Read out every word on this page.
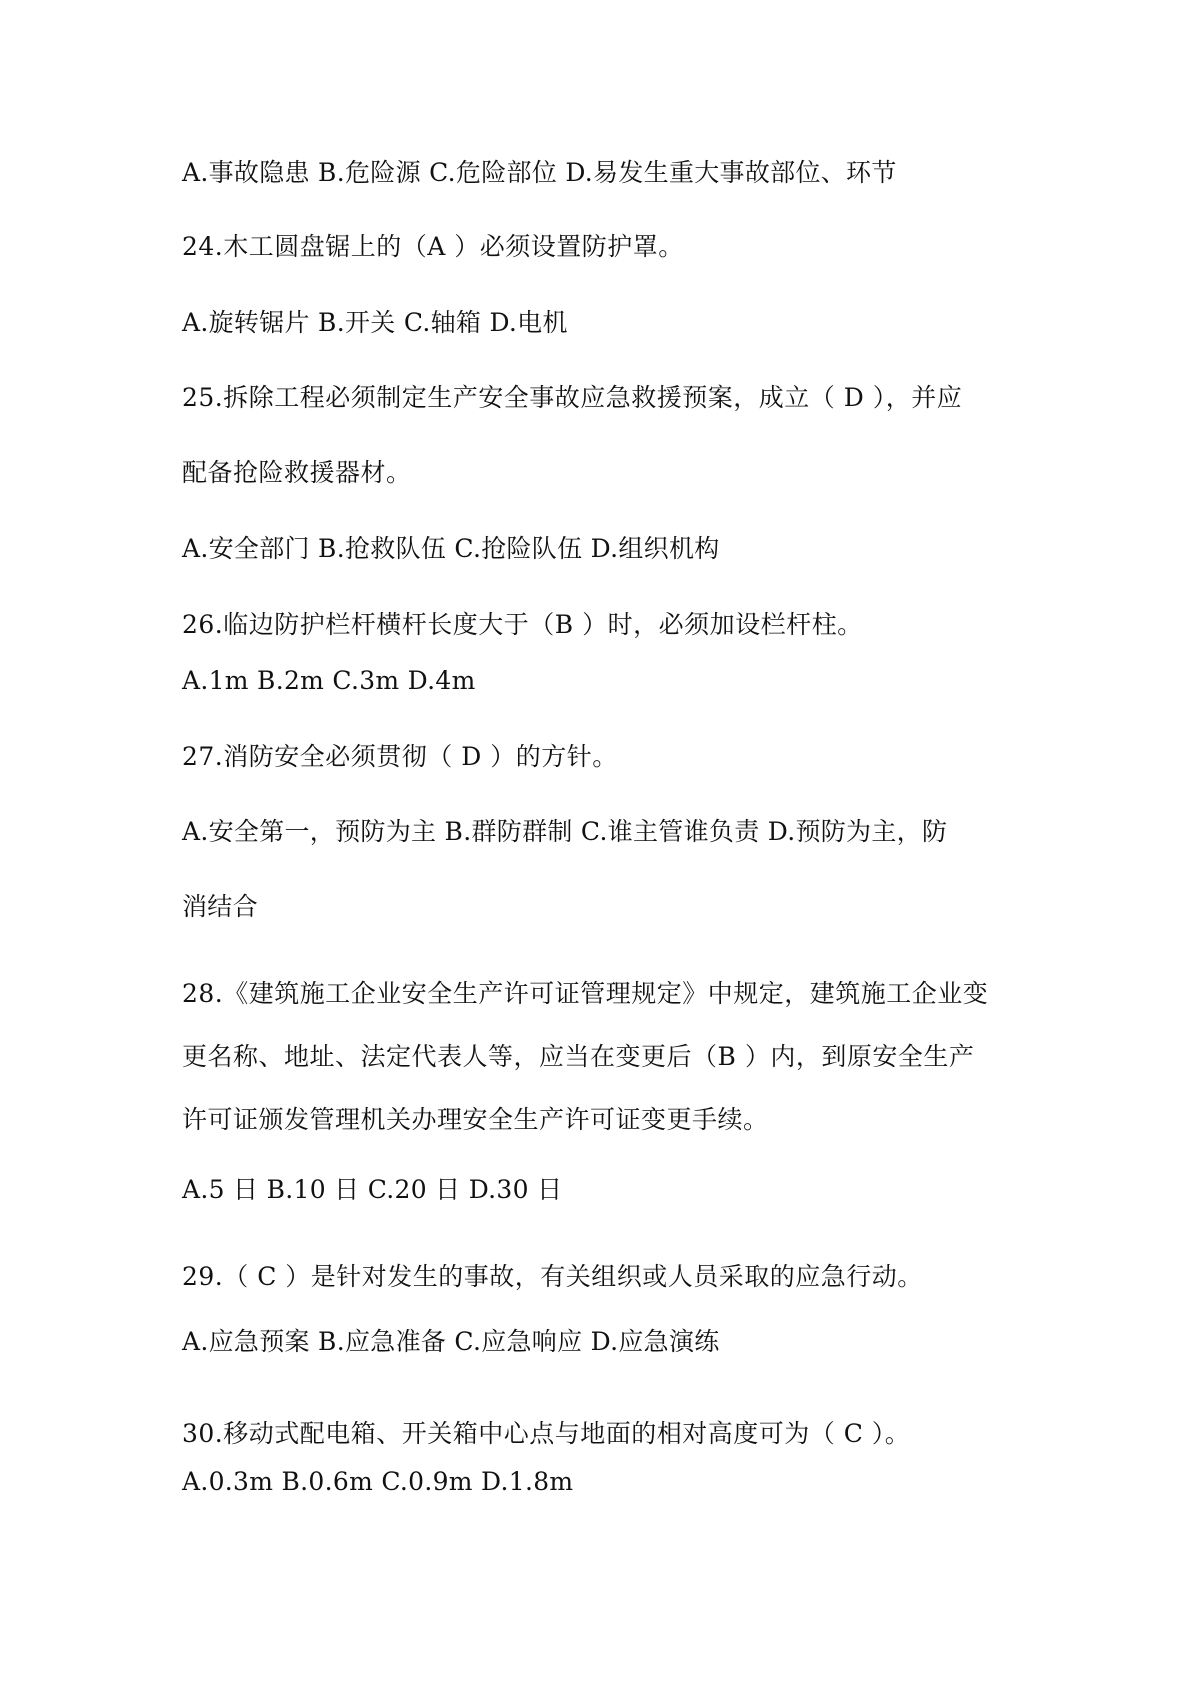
A.事故隐患 B.危险源 C.危险部位 D.易发生重大事故部位、环节
24.木工圆盘锯上的（A ）必须设置防护罩。
A.旋转锯片 B.开关 C.轴箱 D.电机
25.拆除工程必须制定生产安全事故应急救援预案，成立（ D ），并应
配备抢险救援器材。
A.安全部门 B.抢救队伍 C.抢险队伍 D.组织机构
26.临边防护栏杆横杆长度大于（B ）时，必须加设栏杆柱。
A.1m B.2m C.3m D.4m
27.消防安全必须贯彻（ D ）的方针。
A.安全第一，预防为主 B.群防群制 C.谁主管谁负责 D.预防为主，防
消结合
28.《建筑施工企业安全生产许可证管理规定》中规定，建筑施工企业变
更名称、地址、法定代表人等，应当在变更后（B ）内，到原安全生产
许可证颁发管理机关办理安全生产许可证变更手续。
A.5 日 B.10 日 C.20 日 D.30 日
29.（ C ）是针对发生的事故，有关组织或人员采取的应急行动。
A.应急预案 B.应急准备 C.应急响应 D.应急演练
30.移动式配电箱、开关箱中心点与地面的相对高度可为（ C ）。
A.0.3m B.0.6m C.0.9m D.1.8m
